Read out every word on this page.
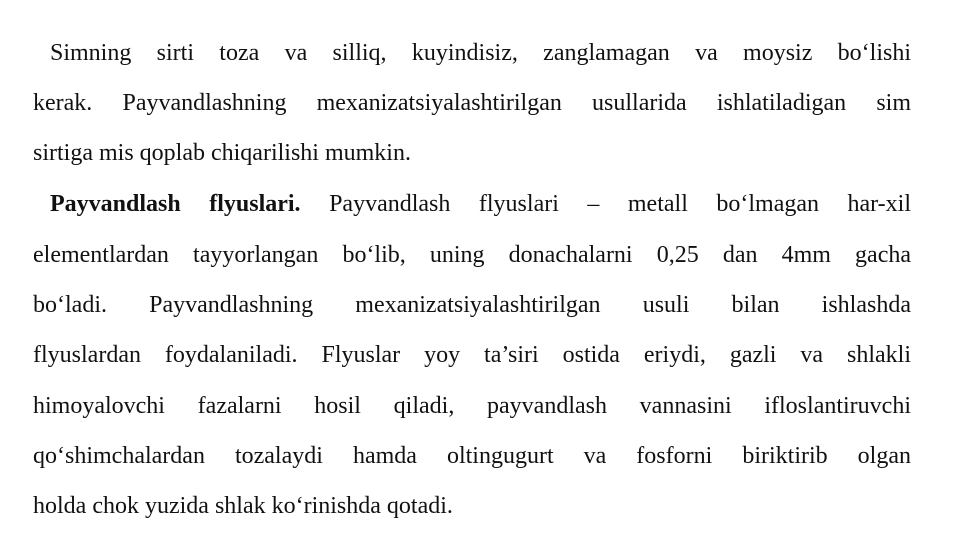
Simning sirti toza va silliq, kuyindisiz, zanglamagan va moysiz bo‘lishi
kerak. Payvandlashning mexanizatsiyalashtirilgan usullarida ishlatiladigan sim
sirtiga mis qoplab chiqarilishi mumkin.
Payvandlash flyuslari. Payvandlash flyuslari – metall bo‘lmagan har-xil
elementlardan tayyorlangan bo‘lib, uning donachalarni 0,25 dan 4mm gacha
bo‘ladi. Payvandlashning mexanizatsiyalashtirilgan usuli bilan ishlashda
flyuslardan foydalaniladi. Flyuslar yoy ta’siri ostida eriydi, gazli va shlakli
himoyalovchi fazalarni hosil qiladi, payvandlash vannasini ifloslantiruvchi
qo‘shimchalardan tozalaydi hamda oltingugurt va fosforni biriktirib olgan
holda chok yuzida shlak ko‘rinishda qotadi.
